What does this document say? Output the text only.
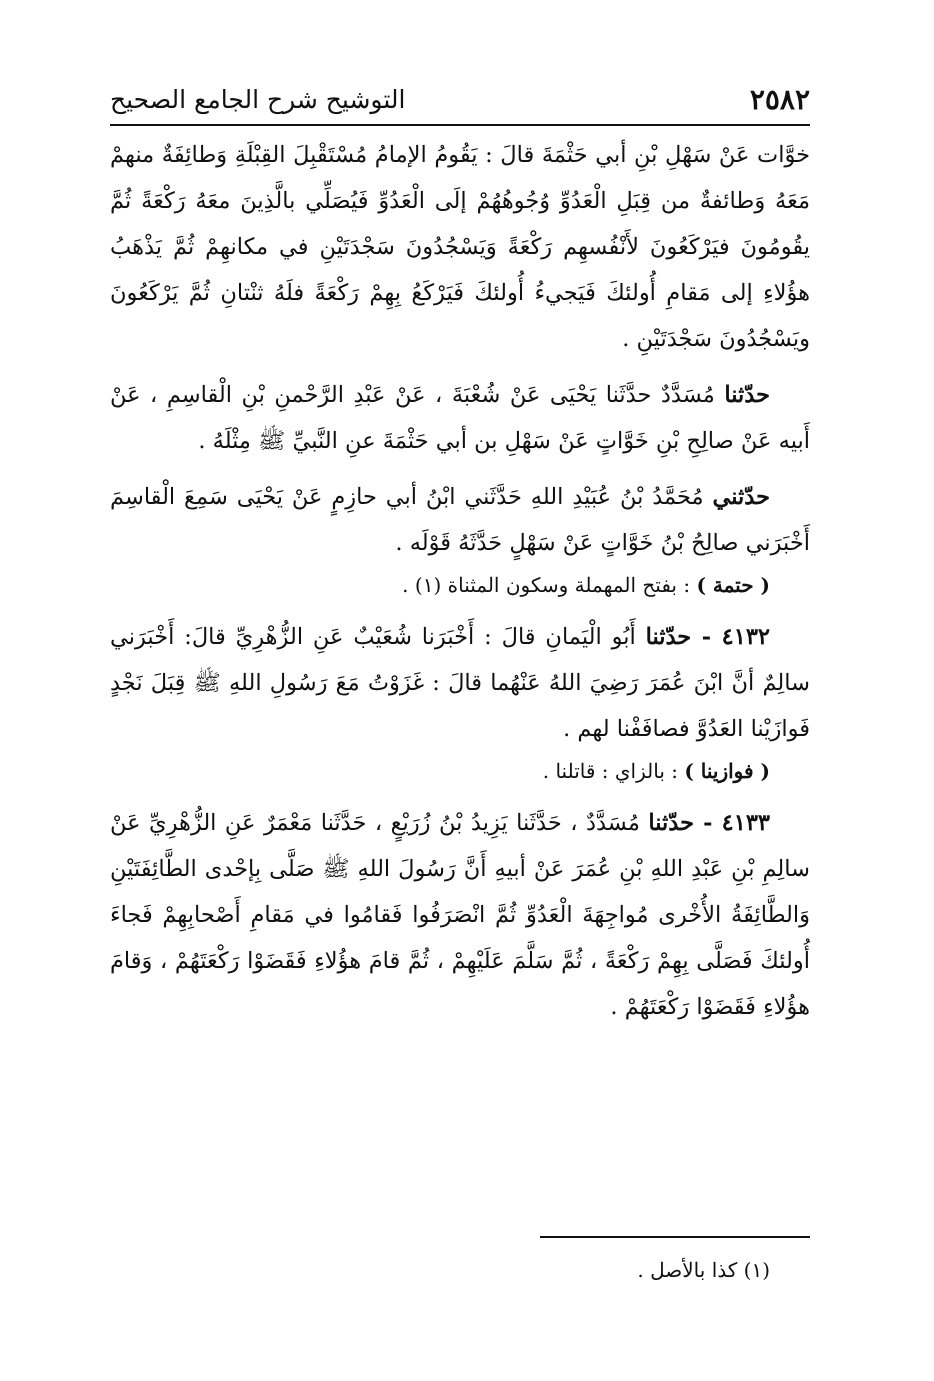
٢٥٨٢
التوشيح شرح الجامع الصحيح

خوَّات عَنْ سَهْلِ بْنِ أبي حَثْمَةَ قالَ : يَقُومُ الإمامُ مُسْتَقْبِلَ القِبْلَةِ وَطائِفَةٌ منهمْ مَعَهُ وَطائفةٌ من قِبَلِ الْعَدُوِّ وُجُوهُهُمْ إلَى الْعَدُوِّ فَيُصَلِّي بالَّذِينَ معَهُ رَكْعَةً ثُمَّ يقُومُونَ فيَرْكَعُونَ لأَنْفُسهِم رَكْعَةً وَيَسْجُدُونَ سَجْدَتَيْنِ في مكانهِمْ ثُمَّ يَذْهَبُ هؤُلاءِ إلى مَقامِ أُولئكَ فَيَجيءُ أُولئكَ فَيَرْكَعُ بِهِمْ رَكْعَةً فلَهُ ثنْتانِ ثُمَّ يَرْكَعُونَ ويَسْجُدُونَ سَجْدَتَيْنِ .

حدّثنا مُسَدَّدٌ حدَّثَنا يَحْيَى عَنْ شُعْبَةَ ، عَنْ عَبْدِ الرَّحْمنِ بْنِ الْقاسِمِ ، عَنْ أَبيه عَنْ صالِحِ بْنِ خَوَّاتٍ عَنْ سَهْلِ بن أبي حَثْمَةَ عنِ النَّبيِّ ﷺ مِثْلَهُ .

حدّثني مُحَمَّدُ بْنُ عُبَيْدِ اللهِ حَدَّثَني ابْنُ أبي حازِمٍ عَنْ يَحْيَى سَمِعَ الْقاسِمَ أَخْبَرَني صالِحُ بْنُ خَوَّاتٍ عَنْ سَهْلٍ حَدَّثَهُ قَوْلَه .

( حتمة ) : بفتح المهملة وسكون المثناة (١) .

٤١٣٢ - حدّثنا أَبُو الْيَمانِ قالَ : أَخْبَرَنا شُعَيْبٌ عَنِ الزُّهْرِيِّ قالَ: أَخْبَرَني سالِمٌ أنَّ ابْنَ عُمَرَ رَضِيَ اللهُ عَنْهُما قالَ : غَزَوْتُ مَعَ رَسُولِ اللهِ ﷺ قِبَلَ نَجْدٍ فَوازَيْنا العَدُوَّ فصافَفْنا لهم .

( فوازينا ) : بالزاي : قاتلنا .

٤١٣٣ - حدّثنا مُسَدَّدٌ ، حَدَّثَنا يَزِيدُ بْنُ زُرَيْعٍ ، حَدَّثَنا مَعْمَرٌ عَنِ الزُّهْرِيِّ عَنْ سالِمِ بْنِ عَبْدِ اللهِ بْنِ عُمَرَ عَنْ أبيهِ أَنَّ رَسُولَ اللهِ ﷺ صَلَّى بِإحْدى الطَّائِفَتَيْنِ وَالطَّائِفَةُ الأُخْرى مُواجِهَةَ الْعَدُوِّ ثُمَّ انْصَرَفُوا فَقامُوا في مَقامِ أَصْحابِهِمْ فَجاءَ أُولئكَ فَصَلَّى بِهِمْ رَكْعَةً ، ثُمَّ سَلَّمَ عَلَيْهِمْ ، ثُمَّ قامَ هؤُلاءِ فَقَضَوْا رَكْعَتَهُمْ ، وَقامَ هؤُلاءِ فَقَضَوْا رَكْعَتَهُمْ .

(١) كذا بالأصل .
